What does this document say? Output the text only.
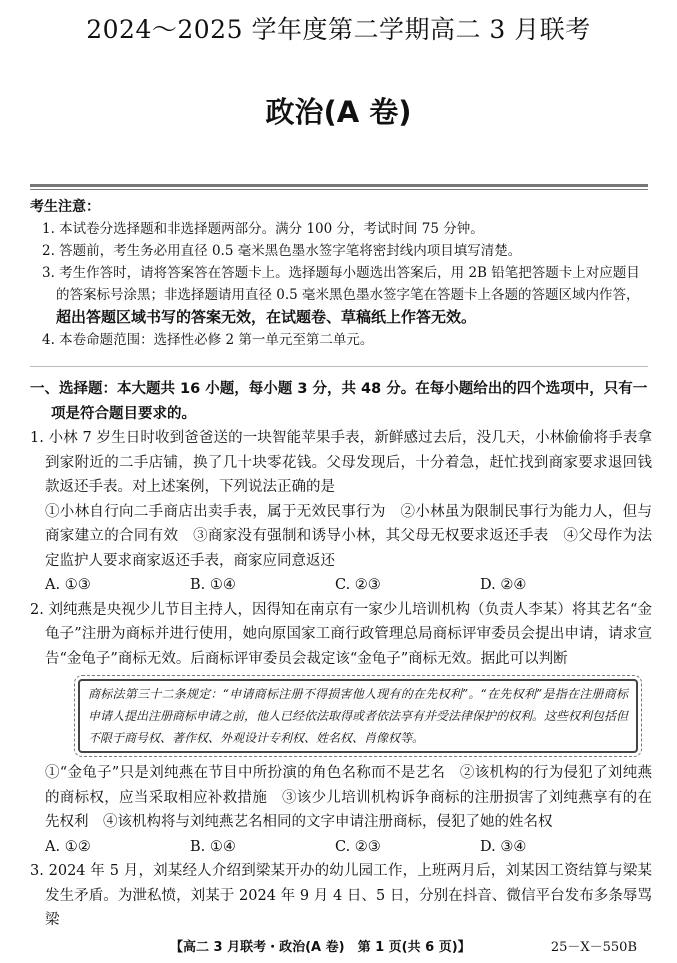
2024～2025 学年度第二学期高二 3 月联考
政治(A 卷)
考生注意：
1. 本试卷分选择题和非选择题两部分。满分 100 分，考试时间 75 分钟。
2. 答题前，考生务必用直径 0.5 毫米黑色墨水签字笔将密封线内项目填写清楚。
3. 考生作答时，请将答案答在答题卡上。选择题每小题选出答案后，用 2B 铅笔把答题卡上对应题目的答案标号涂黑；非选择题请用直径 0.5 毫米黑色墨水签字笔在答题卡上各题的答题区域内作答，超出答题区域书写的答案无效，在试题卷、草稿纸上作答无效。
4. 本卷命题范围：选择性必修 2 第一单元至第二单元。
一、选择题：本大题共 16 小题，每小题 3 分，共 48 分。在每小题给出的四个选项中，只有一项是符合题目要求的。
1. 小林 7 岁生日时收到爸爸送的一块智能苹果手表，新鲜感过去后，没几天，小林偷偷将手表拿到家附近的二手店铺，换了几十块零花钱。父母发现后，十分着急，赶忙找到商家要求退回钱款返还手表。对上述案例，下列说法正确的是
①小林自行向二手商店出卖手表，属于无效民事行为　②小林虽为限制民事行为能力人，但与商家建立的合同有效　③商家没有强制和诱导小林，其父母无权要求返还手表　④父母作为法定监护人要求商家返还手表，商家应同意返还
A. ①③	B. ①④	C. ②③	D. ②④
2. 刘纯燕是央视少儿节目主持人，因得知在南京有一家少儿培训机构（负责人李某）将其艺名“金龟子”注册为商标并进行使用，她向原国家工商行政管理总局商标评审委员会提出申请，请求宣告“金龟子”商标无效。后商标评审委员会裁定该“金龟子”商标无效。据此可以判断
商标法第三十二条规定：“申请商标注册不得损害他人现有的在先权利”。“在先权利”是指在注册商标申请人提出注册商标申请之前，他人已经依法取得或者依法享有并受法律保护的权利。这些权利包括但不限于商号权、著作权、外观设计专利权、姓名权、肖像权等。
①“金龟子”只是刘纯燕在节目中所扮演的角色名称而不是艺名　②该机构的行为侵犯了刘纯燕的商标权，应当采取相应补救措施　③该少儿培训机构诉争商标的注册损害了刘纯燕享有的在先权利　④该机构将与刘纯燕艺名相同的文字申请注册商标，侵犯了她的姓名权
A. ①②	B. ①④	C. ②③	D. ③④
3. 2024 年 5 月，刘某经人介绍到梁某开办的幼儿园工作，上班两月后，刘某因工资结算与梁某发生矛盾。为泄私愤，刘某于 2024 年 9 月 4 日、5 日，分别在抖音、微信平台发布多条辱骂梁
【高二 3 月联考・政治(A 卷)　第 1 页(共 6 页)】	25－X－550B
